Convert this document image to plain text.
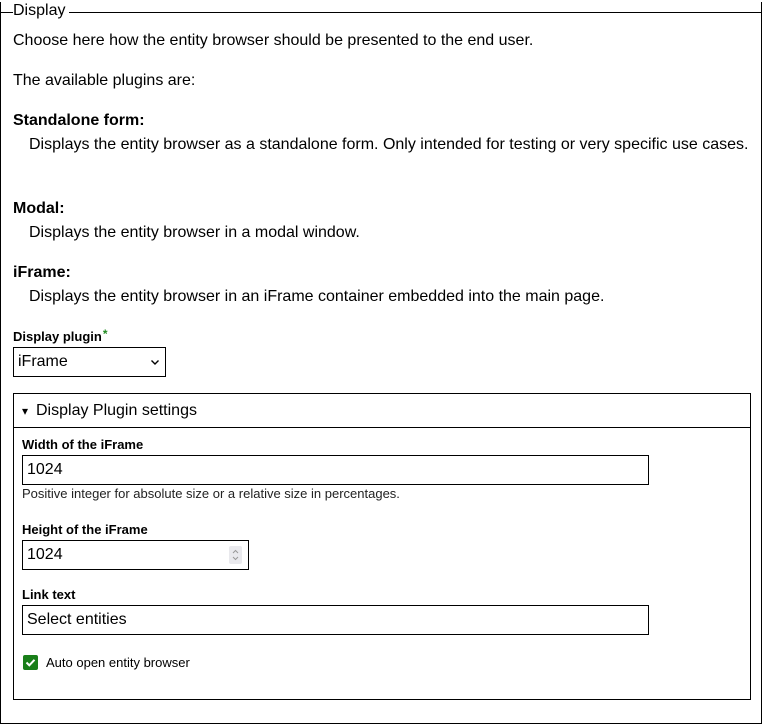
Display
Choose here how the entity browser should be presented to the end user.
The available plugins are:
Standalone form:
Displays the entity browser as a standalone form. Only intended for testing or very specific use cases.
Modal:
Displays the entity browser in a modal window.
iFrame:
Displays the entity browser in an iFrame container embedded into the main page.
Display plugin*
iFrame
▾ Display Plugin settings
Width of the iFrame
1024
Positive integer for absolute size or a relative size in percentages.
Height of the iFrame
1024
Link text
Select entities
Auto open entity browser
